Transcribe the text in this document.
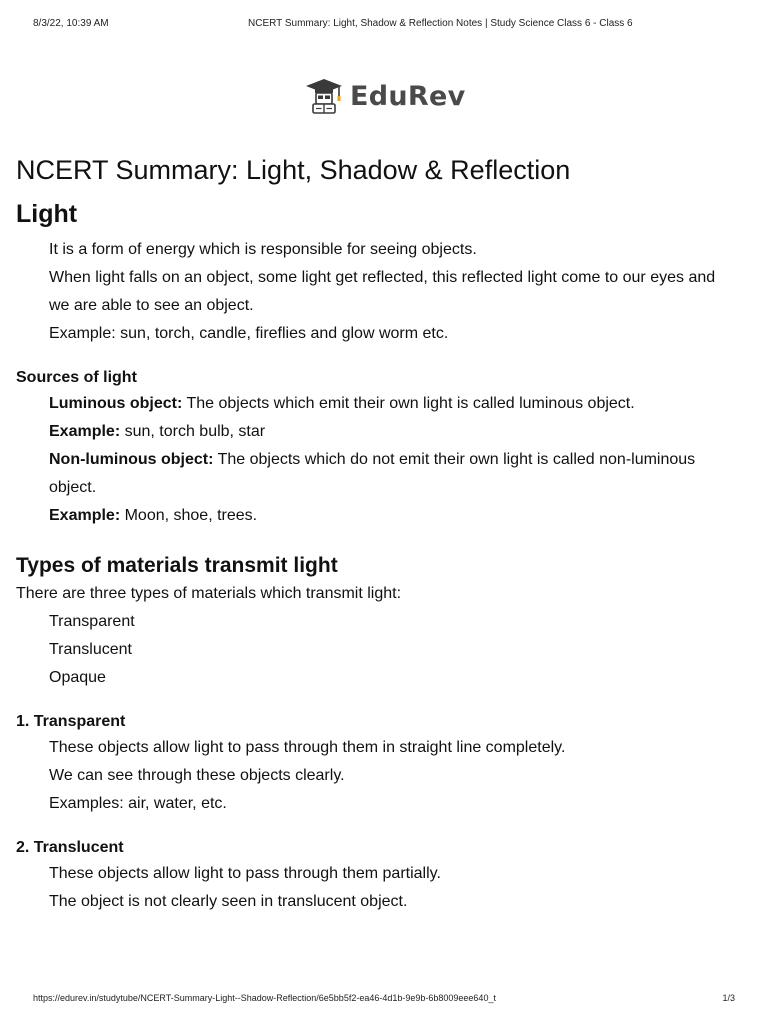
8/3/22, 10:39 AM	NCERT Summary: Light, Shadow & Reflection Notes | Study Science Class 6 - Class 6
EduRev
NCERT Summary: Light, Shadow & Reflection
Light

It is a form of energy which is responsible for seeing objects.

When light falls on an object, some light get reflected, this reflected light come to our eyes and

we are able to see an object.

Example: sun, torch, candle, fireflies and glow worm etc.

Sources of light

Luminous object: The objects which emit their own light is called luminous object.

Example: sun, torch bulb, star

Non-luminous object: The objects which do not emit their own light is called non-luminous

object.

Example: Moon, shoe, trees.

Types of materials transmit light

There are three types of materials which transmit light:

Transparent

Translucent

Opaque

1. Transparent

These objects allow light to pass through them in straight line completely.

We can see through these objects clearly.

Examples: air, water, etc.

2. Translucent

These objects allow light to pass through them partially.

The object is not clearly seen in translucent object.

https://edurev.in/studytube/NCERT-Summary-Light--Shadow-Reflection/6e5bb5f2-ea46-4d1b-9e9b-6b8009eee640_t	1/3
